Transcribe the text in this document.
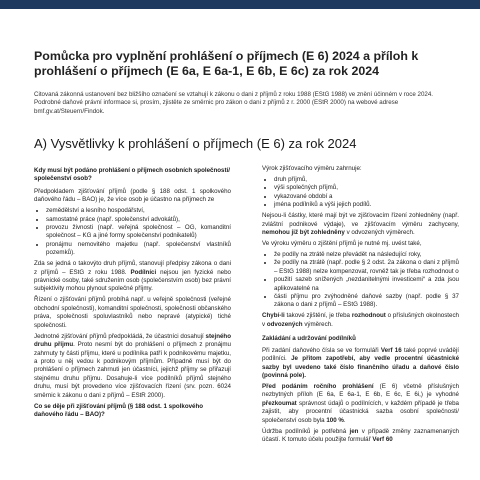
Pomůcka pro vyplnění prohlášení o příjmech (E 6) 2024 a příloh k prohlášení o příjmech (E 6a, E 6a-1, E 6b, E 6c) za rok 2024

Citovaná zákonná ustanovení bez bližšího označení se vztahují k zákonu o dani z příjmů z roku 1988 (EStG 1988) ve znění účinném v roce 2024. Podrobné daňové právní informace si, prosím, zjistěte ze směrnic pro zákon o dani z příjmů z r. 2000 (EStR 2000) na webové adrese bmf.gv.at/Steuern/Findok.

A) Vysvětlivky k prohlášení o příjmech (E 6) za rok 2024

Kdy musí být podáno prohlášení o příjmech osobních společností/ společenství osob?

Předpokladem zjišťování příjmů (podle § 188 odst. 1 spolkového daňového řádu – BAO) je, že více osob je účastno na příjmech ze

• zemědělství a lesního hospodářství,
• samostatné práce (např. společenství advokátů),
• provozu živnosti (např. veřejná společnost – OG, komanditní společnost – KG a jiné formy společenství podnikatelů)
• pronájmu nemovitého majetku (např. společenství vlastníků pozemků).

Zda se jedná o takovýto druh příjmů, stanovují předpisy zákona o dani z příjmů – EStG z roku 1988. Podílníci nejsou jen fyzické nebo právnické osoby, také sdružením osob (společenstvím osob) bez právní subjektivity mohou plynout společné příjmy.

Řízení o zjišťování příjmů probíhá např. u veřejně společnosti (veřejné obchodní společnosti), komanditní společnosti, společnosti občanského práva, společnosti spoluvlastníků nebo nepravé (atypické) tiché společnosti.

Jednotné zjišťování příjmů předpokládá, že účastníci dosahují stejného druhu příjmu. Proto nesmí být do prohlášení o příjmech z pronájmu zahrnuty ty části příjmu, které u podílníka patří k podnikovému majetku, a proto u něj vedou k podnikovým příjmům. Případně musí být do prohlášení o příjmech zahrnuti jen účastníci, jejichž příjmy se přiřazují stejnému druhu příjmu. Dosahuje-li více podílníků příjmů stejného druhu, musí být provedeno více zjišťovacích řízení (srv. pozn. 6024 směrnic k zákonu o dani z příjmů – EStR 2000).

Co se děje při zjišťování příjmů (§ 188 odst. 1 spolkového daňového řádu – BAO)?

Výrok zjišťovacího výměru zahrnuje:

• druh příjmů,
• výši společných příjmů,
• vykazované období a
• jména podílníků a výši jejich podílů.

Nejsou-li částky, které mají být ve zjišťovacím řízení zohledněny (např. zvláštní podnikové výdaje), ve zjišťovacím výměru zachyceny, nemohou již být zohledněny v odvozených výměrech.

Ve výroku výměru o zjištění příjmů je nutné mj. uvést také,

• že podíly na ztrátě nelze převádět na následující roky,
• že podíly na ztrátě (např. podle § 2 odst. 2a zákona o dani z příjmů – EStG 1988) nelze kompenzovat, rovněž tak je třeba rozhodnout o
• použití sazeb snížených „nezdanitelnými investicemi“ a zda jsou aplikovatelné na
• části příjmu pro zvýhodněné daňové sazby (např. podle § 37 zákona o dani z příjmů – EStG 1988).

Chybí-li takové zjištění, je třeba rozhodnout o příslušných okolnostech v odvozených výměrech.

Zakládání a udržování podílníků

Při zadání daňového čísla se ve formuláři Verf 16 také poprvé uvádějí podílníci. Je přitom zapotřebí, aby vedle procentní účastnické sazby byl uvedeno také číslo finančního úřadu a daňové číslo (povinná pole).

Před podáním ročního prohlášení (E 6) včetně příslušných nezbytných příloh (E 6a, E 6a-1, E 6b, E 6c, E 6i,) je vyhodné přezkoumat správnost údajů o podílnících, v každém případě je třeba zajistit, aby procentní účastnická sazba osobní společnosti/ společenství osob byla 100 %.

Údržba podílníků je potřebná jen v případě změny zaznamenaných účastí. K tomuto účelu použijte formulář Verf 60
